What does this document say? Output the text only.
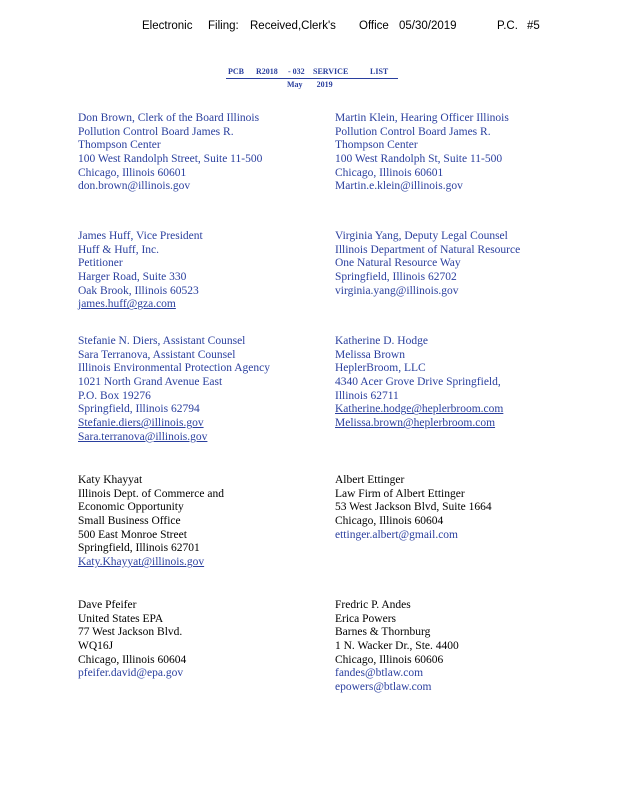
Electronic Filing: Received,Clerk's Office 05/30/2019	P.C. #5
PCB R2018 - 032 SERVICE	LIST
May 2019
Don Brown, Clerk of the Board Illinois
Pollution Control Board James R.
Thompson Center
100 West Randolph Street, Suite 11-500
Chicago, Illinois 60601
don.brown@illinois.gov
Martin Klein, Hearing Officer Illinois
Pollution Control Board James R.
Thompson Center
100 West Randolph St, Suite 11-500
Chicago, Illinois 60601
Martin.e.klein@illinois.gov
James Huff, Vice President
Huff & Huff, Inc.
Petitioner
Harger Road, Suite 330
Oak Brook, Illinois 60523
james.huff@gza.com
Virginia Yang, Deputy Legal Counsel
Illinois Department of Natural Resource
One Natural Resource Way
Springfield, Illinois 62702
virginia.yang@illinois.gov
Stefanie N. Diers, Assistant Counsel
Sara Terranova, Assistant Counsel
Illinois Environmental Protection Agency
1021 North Grand Avenue East
P.O. Box 19276
Springfield, Illinois 62794
Stefanie.diers@illinois.gov
Sara.terranova@illinois.gov
Katherine D. Hodge
Melissa Brown
HeplerBroom, LLC
4340 Acer Grove Drive Springfield,
Illinois 62711
Katherine.hodge@heplerbroom.com
Melissa.brown@heplerbroom.com
Katy Khayyat
Illinois Dept. of Commerce and
Economic Opportunity
Small Business Office
500 East Monroe Street
Springfield, Illinois 62701
Katy.Khayyat@illinois.gov
Albert Ettinger
Law Firm of Albert Ettinger
53 West Jackson Blvd, Suite 1664
Chicago, Illinois 60604
ettinger.albert@gmail.com
Dave Pfeifer
United States EPA
77 West Jackson Blvd.
WQ16J
Chicago, Illinois 60604
pfeifer.david@epa.gov
Fredric P. Andes
Erica Powers
Barnes & Thornburg
1 N. Wacker Dr., Ste. 4400
Chicago, Illinois 60606
fandes@btlaw.com
epowers@btlaw.com
